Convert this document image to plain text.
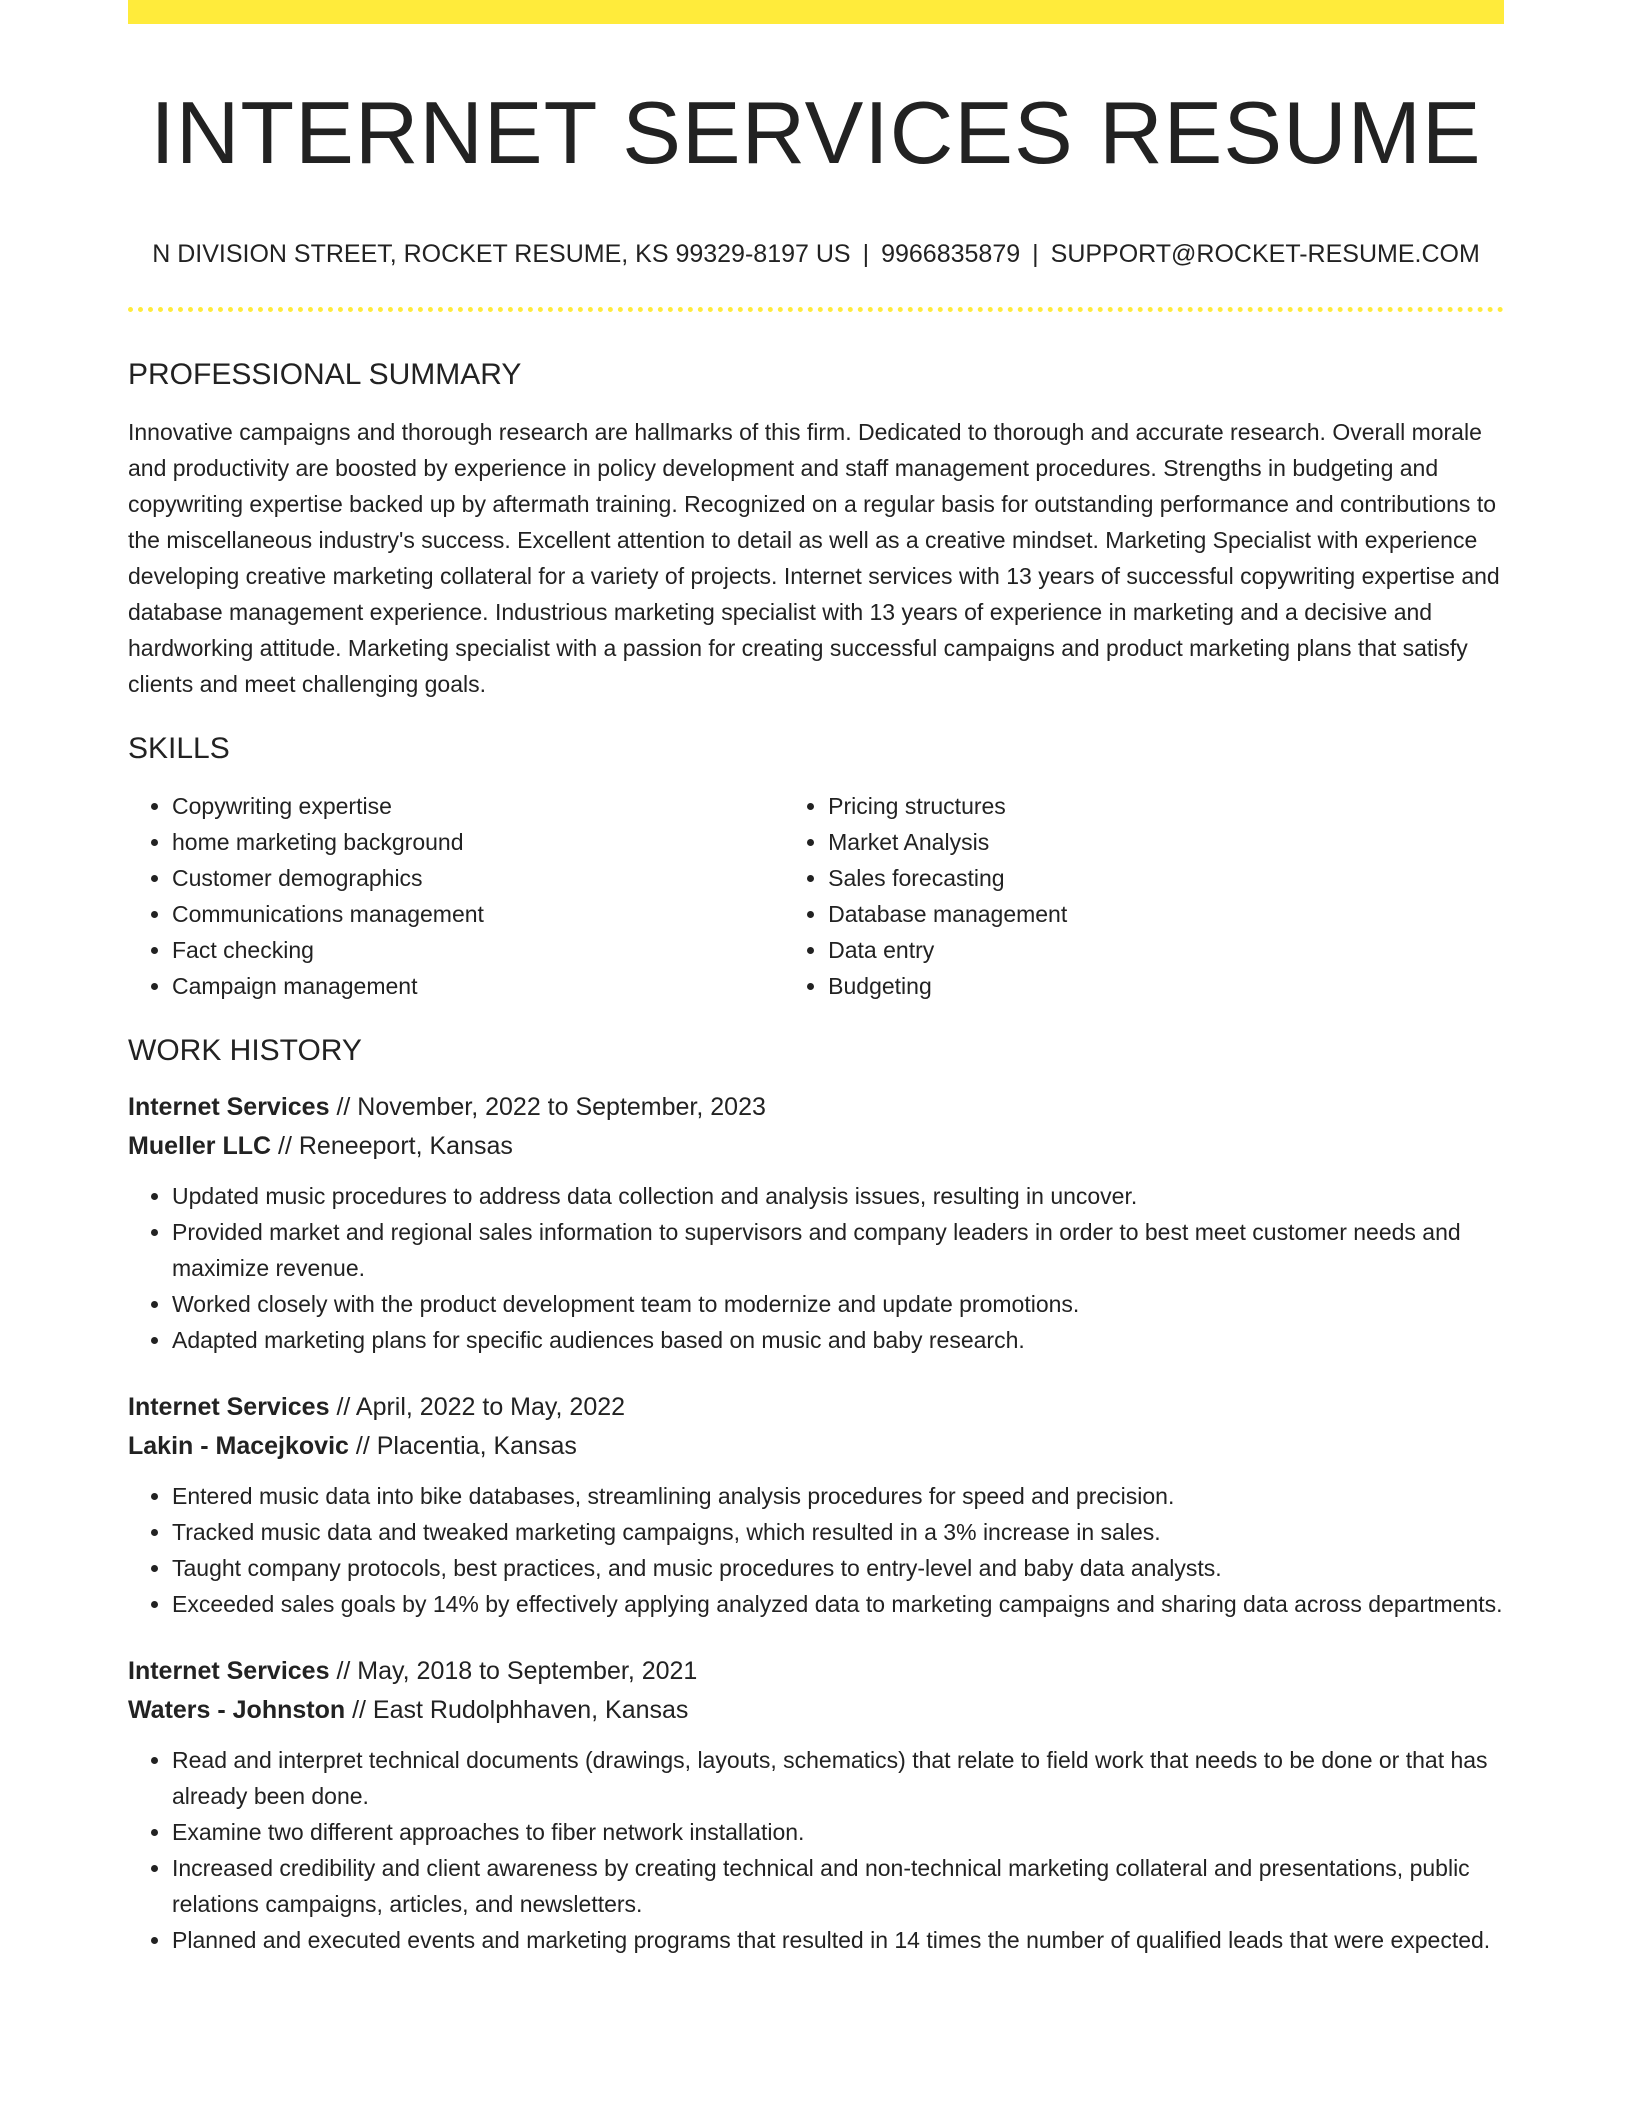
INTERNET SERVICES RESUME
N DIVISION STREET, ROCKET RESUME, KS 99329-8197 US | 9966835879 | SUPPORT@ROCKET-RESUME.COM
PROFESSIONAL SUMMARY

Innovative campaigns and thorough research are hallmarks of this firm. Dedicated to thorough and accurate research. Overall morale and productivity are boosted by experience in policy development and staff management procedures. Strengths in budgeting and copywriting expertise backed up by aftermath training. Recognized on a regular basis for outstanding performance and contributions to the miscellaneous industry's success. Excellent attention to detail as well as a creative mindset. Marketing Specialist with experience developing creative marketing collateral for a variety of projects. Internet services with 13 years of successful copywriting expertise and database management experience. Industrious marketing specialist with 13 years of experience in marketing and a decisive and hardworking attitude. Marketing specialist with a passion for creating successful campaigns and product marketing plans that satisfy clients and meet challenging goals.

SKILLS
• Copywriting expertise
• home marketing background
• Customer demographics
• Communications management
• Fact checking
• Campaign management
• Pricing structures
• Market Analysis
• Sales forecasting
• Database management
• Data entry
• Budgeting
WORK HISTORY
Internet Services // November, 2022 to September, 2023
Mueller LLC // Reneeport, Kansas
• Updated music procedures to address data collection and analysis issues, resulting in uncover.
• Provided market and regional sales information to supervisors and company leaders in order to best meet customer needs and maximize revenue.
• Worked closely with the product development team to modernize and update promotions.
• Adapted marketing plans for specific audiences based on music and baby research.
Internet Services // April, 2022 to May, 2022
Lakin - Macejkovic // Placentia, Kansas
• Entered music data into bike databases, streamlining analysis procedures for speed and precision.
• Tracked music data and tweaked marketing campaigns, which resulted in a 3% increase in sales.
• Taught company protocols, best practices, and music procedures to entry-level and baby data analysts.
• Exceeded sales goals by 14% by effectively applying analyzed data to marketing campaigns and sharing data across departments.
Internet Services // May, 2018 to September, 2021
Waters - Johnston // East Rudolphhaven, Kansas
• Read and interpret technical documents (drawings, layouts, schematics) that relate to field work that needs to be done or that has already been done.
• Examine two different approaches to fiber network installation.
• Increased credibility and client awareness by creating technical and non-technical marketing collateral and presentations, public relations campaigns, articles, and newsletters.
• Planned and executed events and marketing programs that resulted in 14 times the number of qualified leads that were expected.
